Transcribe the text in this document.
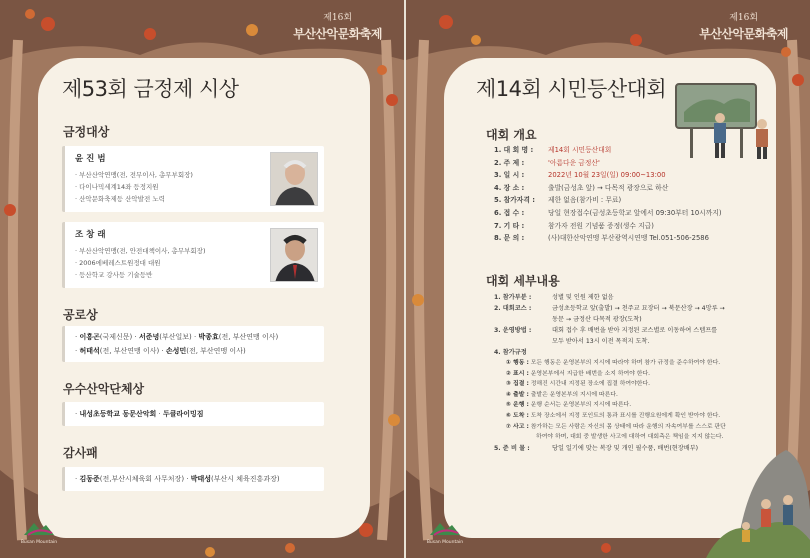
제16회
부산산악문화축제
제53회 금정제 시상
금정대상
윤 진 범
· 부산산악연맹(전, 전무이사, 총무부회장)
· 다이나믹세계14좌 등정지원
· 산악문화축제등 산악발전 노력
조 창 래
· 부산산악연맹(전, 안전대책이사, 총무부회장)
· 2006에베레스트원정대 대원
· 등산학교 강사등 기술등반
공로상
· 이흥곤(국제신문) · 서준녕(부산일보) · 박종효(전, 부산연맹 이사)
· 허태석(전, 부산연맹 이사) · 손성민(전, 부산연맹 이사)
우수산악단체상
· 내성초등학교 동문산악회 · 두클라이밍짐
감사패
· 김동준(전,부산시체육회 사무처장) · 박태성(부산시 체육진흥과장)
Busan Mountain
제16회
부산산악문화축제
제14회 시민등산대회
대회 개요
1. 대 회 명 :	제14회 시민등산대회
2. 주 제 :	'아름다운 금정산'
3. 일 시 :	2022년 10월 23일(일) 09:00~13:00
4. 장 소 :	출발(금성초 앞) → 다목적 광장으로 하산
5. 참가자격 :	제한 없음(참가비 : 무료)
6. 접 수 :	당일 현장접수(금성초등학교 앞에서 09:30부터 10시까지)
7. 기 타 :	참가자 전원 기념품 증정(생수 지급)
8. 문 의 :	(사)대한산악연맹 부산광역시연맹 Tel.051-506-2586
대회 세부내용
1. 참가부분 :	성별 및 인원 제한 없음
2. 대회코스 :	금성초등학교 앞(출발) → 천주교 묘장터 → 북문산장 → 4망루 →
동문 → 금정산 다목적 광장(도착)
3. 운영방법 :	대회 접수 후 배번을 받아 지정된 코스별로 이동하여 스템프를
모두 받아서 13시 이전 목적지 도착.
4. 참가규정
① 행동 : 모든 행동은 운영본부의 지시에 따라야 하며 참가 규정을 준수하여야 한다.
② 표시 : 운영본부에서 지급한 배번을 소지 하여야 한다.
③ 집결 : 정해진 시간내 지정된 장소에 집결 하여야한다.
④ 출발 : 출발은 운영본부의 지시에 따른다.
⑤ 운행 : 운행 순서는 운영본부의 지시에 따른다.
⑥ 도착 : 도착 장소에서 지정 포인트의 통과 표시를 진행요원에게 확인 받아야 한다.
⑦ 사고 : 참가하는 모든 사람은 자신의 몸 상태에 따라 운행의 자속여부를 스스로 판단
하여야 하며, 대회 중 발생한 사고에 대하여 대회측은 책임을 지지 않는다.
5. 준 비 물 :	당일 일기에 맞는 복장 및 개인 필수품, 배번(현장배부)
Busan Mountain
